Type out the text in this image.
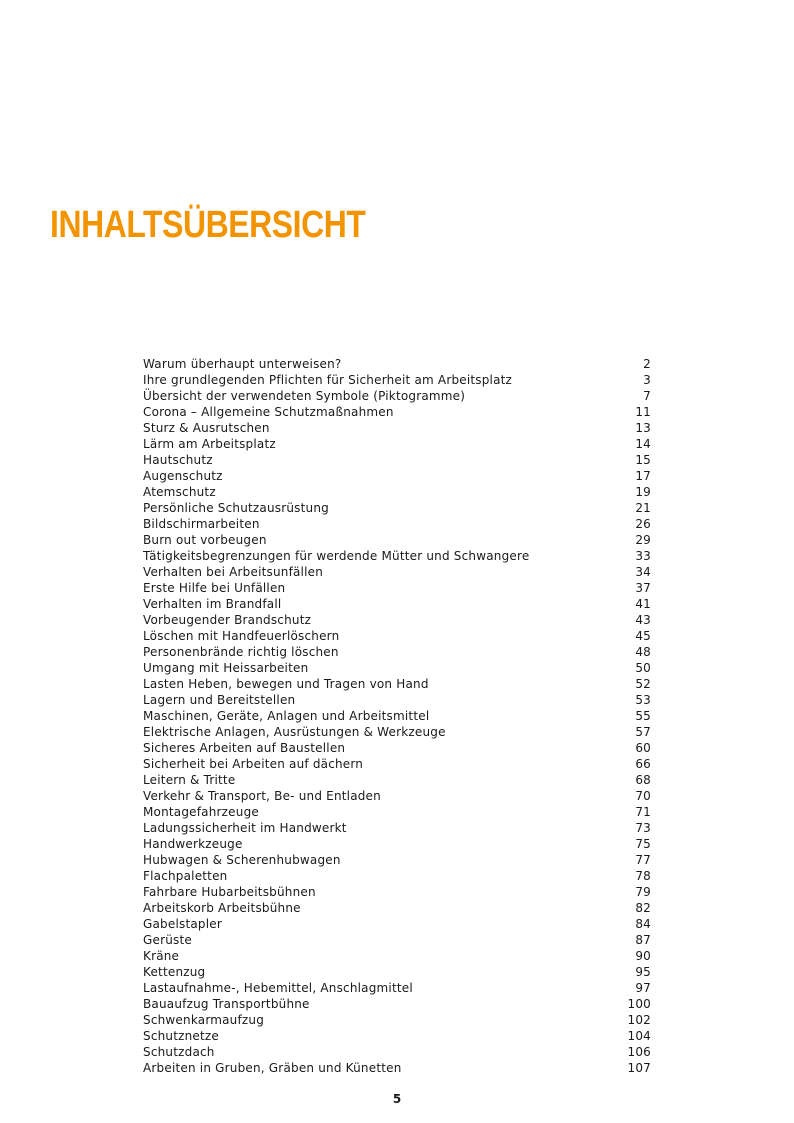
INHALTSÜBERSICHT
Warum überhaupt unterweisen?	2
Ihre grundlegenden Pflichten für Sicherheit am Arbeitsplatz	3
Übersicht der verwendeten Symbole (Piktogramme)	7
Corona – Allgemeine Schutzmaßnahmen	11
Sturz & Ausrutschen	13
Lärm am Arbeitsplatz	14
Hautschutz	15
Augenschutz	17
Atemschutz	19
Persönliche Schutzausrüstung	21
Bildschirmarbeiten	26
Burn out vorbeugen	29
Tätigkeitsbegrenzungen für werdende Mütter und Schwangere	33
Verhalten bei Arbeitsunfällen	34
Erste Hilfe bei Unfällen	37
Verhalten im Brandfall	41
Vorbeugender Brandschutz	43
Löschen mit Handfeuerlöschern	45
Personenbrände richtig löschen	48
Umgang mit Heissarbeiten	50
Lasten Heben, bewegen und Tragen von Hand	52
Lagern und Bereitstellen	53
Maschinen, Geräte, Anlagen und Arbeitsmittel	55
Elektrische Anlagen, Ausrüstungen & Werkzeuge	57
Sicheres Arbeiten auf Baustellen	60
Sicherheit bei Arbeiten auf dächern	66
Leitern & Tritte	68
Verkehr & Transport, Be- und Entladen	70
Montagefahrzeuge	71
Ladungssicherheit im Handwerkt	73
Handwerkzeuge	75
Hubwagen & Scherenhubwagen	77
Flachpaletten	78
Fahrbare Hubarbeitsbühnen	79
Arbeitskorb Arbeitsbühne	82
Gabelstapler	84
Gerüste	87
Kräne	90
Kettenzug	95
Lastaufnahme-, Hebemittel, Anschlagmittel	97
Bauaufzug Transportbühne	100
Schwenkarmaufzug	102
Schutznetze	104
Schutzdach	106
Arbeiten in Gruben, Gräben und Künetten	107
5
